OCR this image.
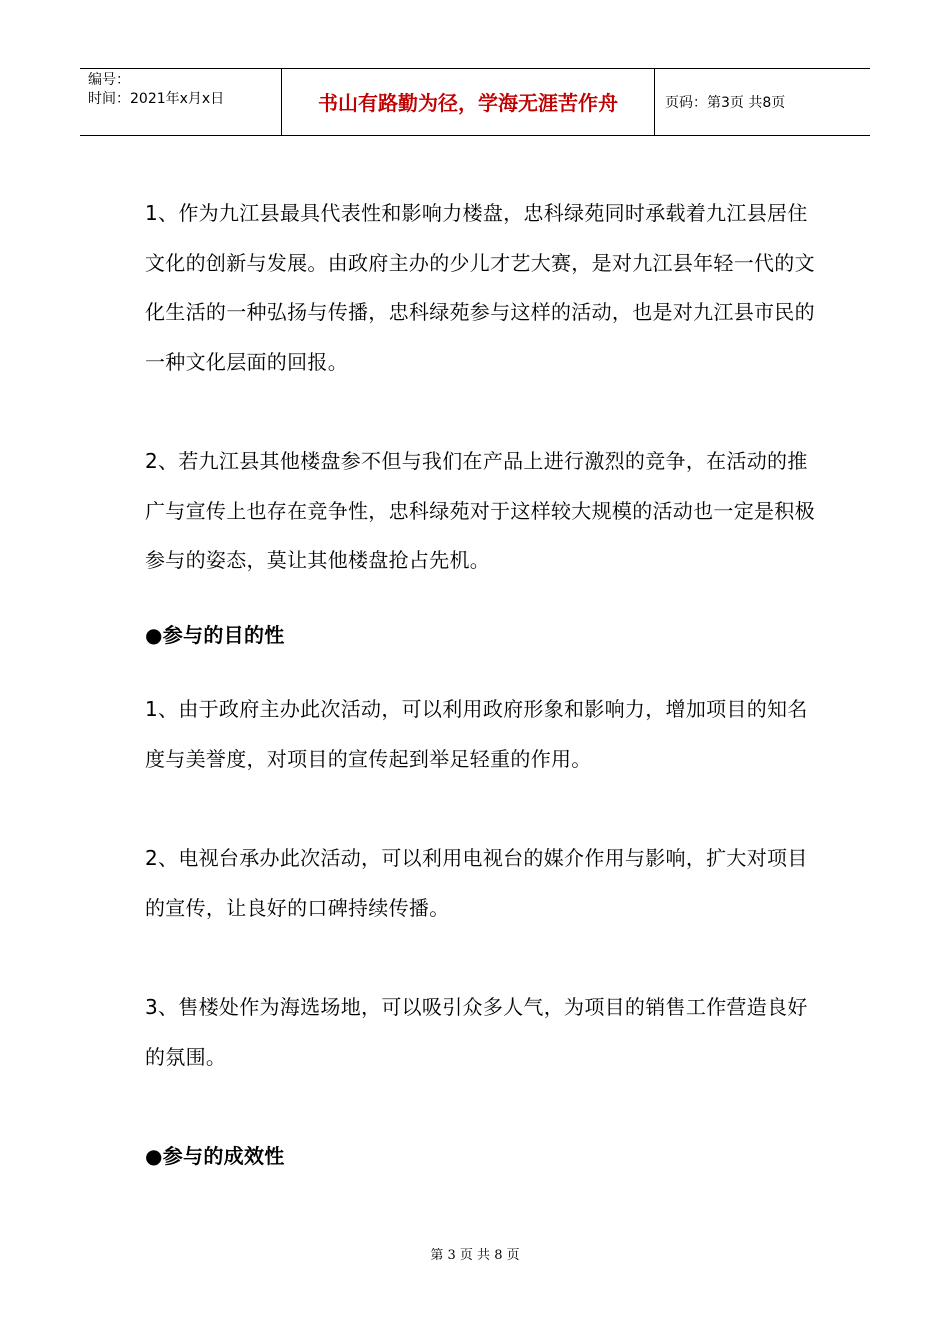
编号：
时间：2021年x月x日	书山有路勤为径，学海无涯苦作舟	页码：第3页 共8页

1、作为九江县最具代表性和影响力楼盘，忠科绿苑同时承载着九江县居住文化的创新与发展。由政府主办的少儿才艺大赛，是对九江县年轻一代的文化生活的一种弘扬与传播，忠科绿苑参与这样的活动，也是对九江县市民的一种文化层面的回报。

2、若九江县其他楼盘参不但与我们在产品上进行激烈的竞争，在活动的推广与宣传上也存在竞争性，忠科绿苑对于这样较大规模的活动也一定是积极参与的姿态，莫让其他楼盘抢占先机。

●参与的目的性

1、由于政府主办此次活动，可以利用政府形象和影响力，增加项目的知名度与美誉度，对项目的宣传起到举足轻重的作用。

2、电视台承办此次活动，可以利用电视台的媒介作用与影响，扩大对项目的宣传，让良好的口碑持续传播。

3、售楼处作为海选场地，可以吸引众多人气，为项目的销售工作营造良好的氛围。

●参与的成效性

第 3 页 共 8 页
